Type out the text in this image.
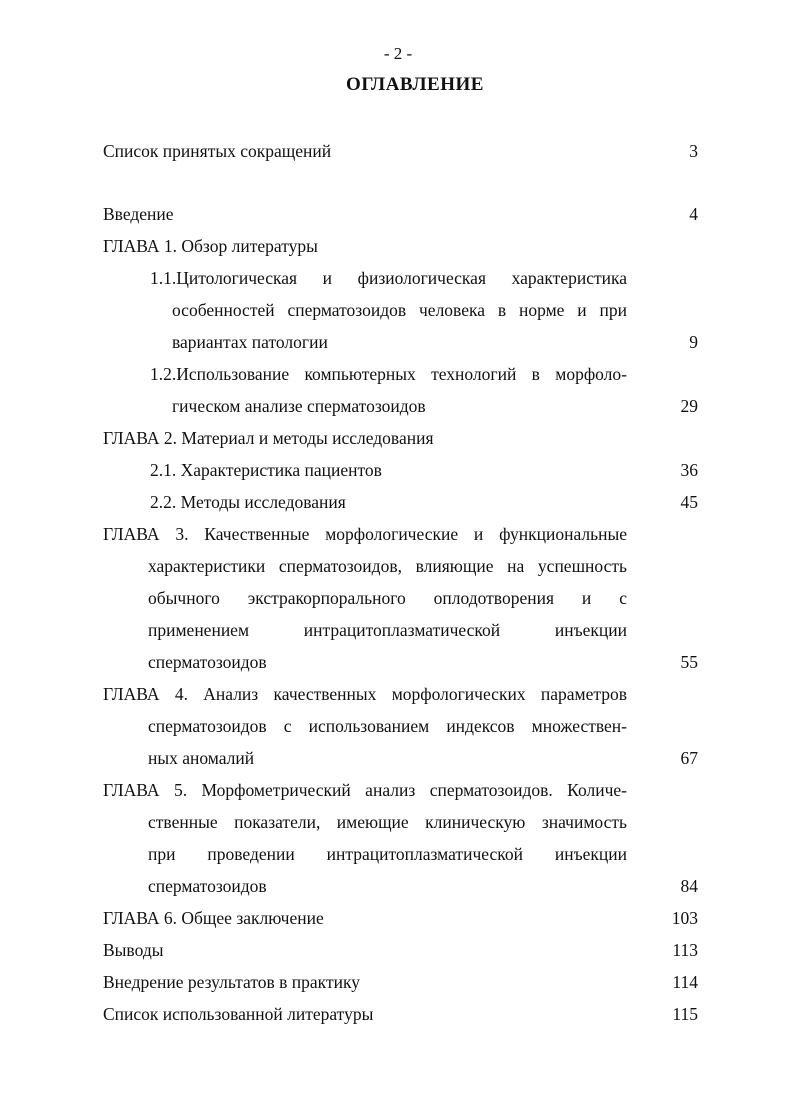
- 2 -
ОГЛАВЛЕНИЕ
Список принятых сокращений	3
Введение	4
ГЛАВА 1. Обзор литературы
1.1.Цитологическая и физиологическая характеристика
особенностей сперматозоидов человека в норме и при
вариантах патологии	9
1.2.Использование компьютерных технологий в морфоло-
гическом анализе сперматозоидов	29
ГЛАВА 2. Материал и методы исследования
2.1. Характеристика пациентов	36
2.2. Методы исследования	45
ГЛАВА 3. Качественные морфологические и функциональные
характеристики сперматозоидов, влияющие на успешность
обычного экстракорпорального оплодотворения и с
применением интрацитоплазматической инъекции
сперматозоидов	55
ГЛАВА 4. Анализ качественных морфологических параметров
сперматозоидов с использованием индексов множествен-
ных аномалий	67
ГЛАВА 5. Морфометрический анализ сперматозоидов. Количе-
ственные показатели, имеющие клиническую значимость
при проведении интрацитоплазматической инъекции
сперматозоидов	84
ГЛАВА 6. Общее заключение	103
Выводы	113
Внедрение результатов в практику	114
Список использованной литературы	115
